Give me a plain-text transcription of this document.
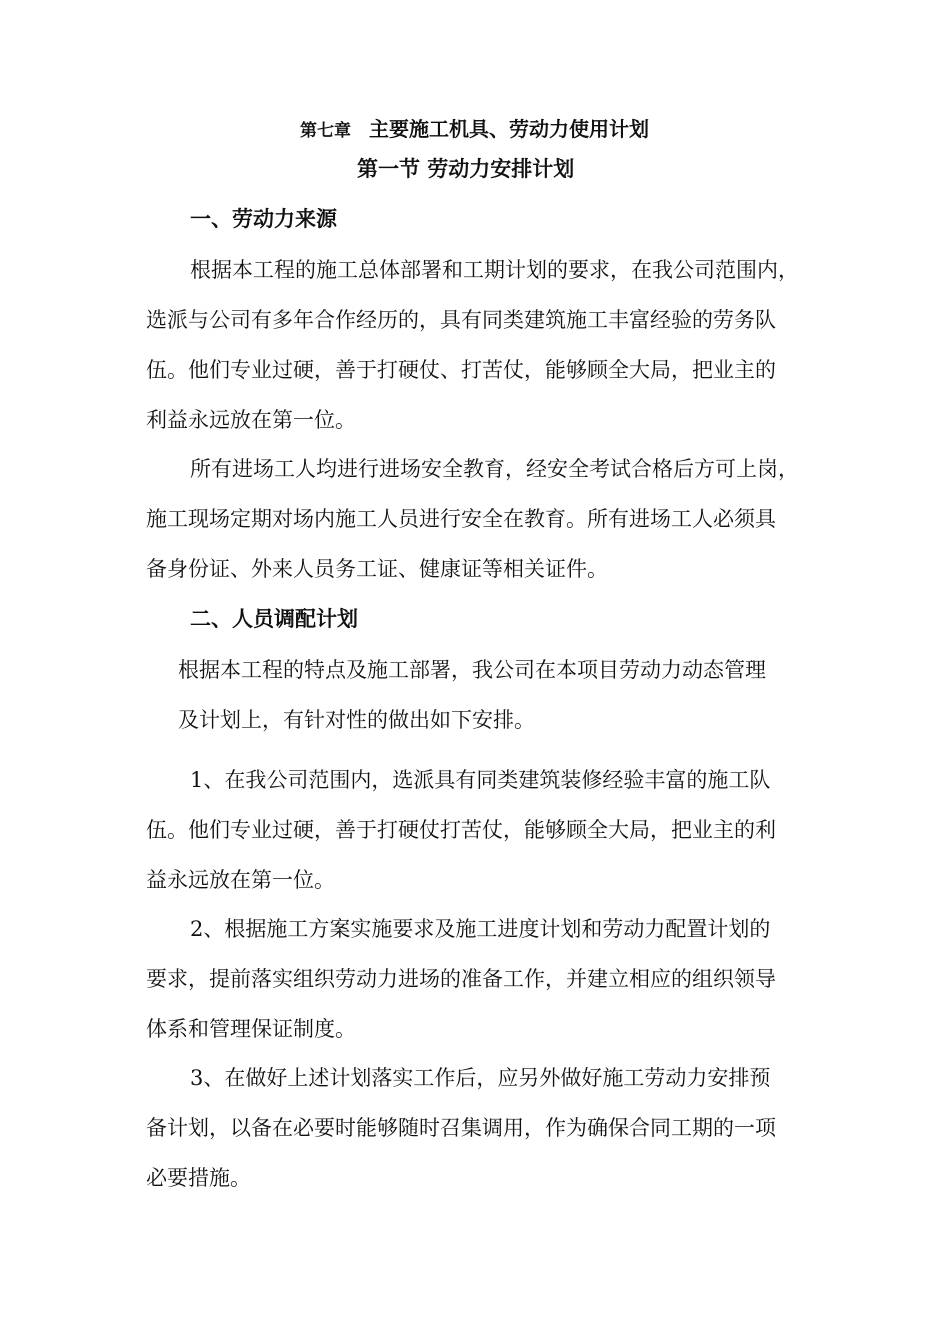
第七章 主要施工机具、劳动力使用计划
第一节 劳动力安排计划
一、劳动力来源
根据本工程的施工总体部署和工期计划的要求，在我公司范围内，
选派与公司有多年合作经历的，具有同类建筑施工丰富经验的劳务队
伍。他们专业过硬，善于打硬仗、打苦仗，能够顾全大局，把业主的
利益永远放在第一位。
所有进场工人均进行进场安全教育，经安全考试合格后方可上岗，
施工现场定期对场内施工人员进行安全在教育。所有进场工人必须具
备身份证、外来人员务工证、健康证等相关证件。
二、人员调配计划
根据本工程的特点及施工部署，我公司在本项目劳动力动态管理
及计划上，有针对性的做出如下安排。
1、在我公司范围内，选派具有同类建筑装修经验丰富的施工队
伍。他们专业过硬，善于打硬仗打苦仗，能够顾全大局，把业主的利
益永远放在第一位。
2、根据施工方案实施要求及施工进度计划和劳动力配置计划的
要求，提前落实组织劳动力进场的准备工作，并建立相应的组织领导
体系和管理保证制度。
3、在做好上述计划落实工作后，应另外做好施工劳动力安排预
备计划，以备在必要时能够随时召集调用，作为确保合同工期的一项
必要措施。
